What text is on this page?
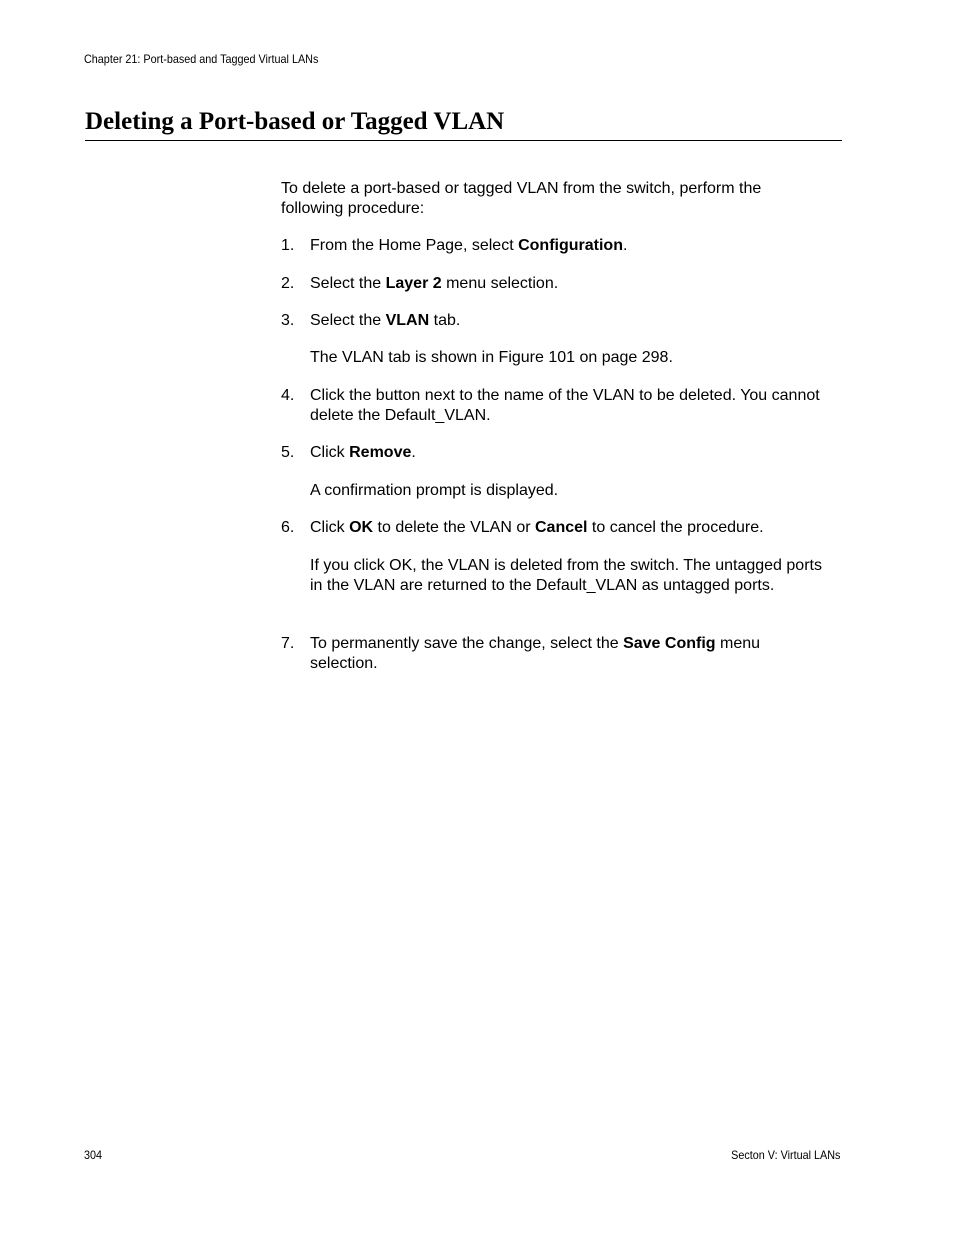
Chapter 21: Port-based and Tagged Virtual LANs
Deleting a Port-based or Tagged VLAN

To delete a port-based or tagged VLAN from the switch, perform the following procedure:

1. From the Home Page, select Configuration.
2. Select the Layer 2 menu selection.
3. Select the VLAN tab.

The VLAN tab is shown in Figure 101 on page 298.

4. Click the button next to the name of the VLAN to be deleted. You cannot delete the Default_VLAN.
5. Click Remove.

A confirmation prompt is displayed.

6. Click OK to delete the VLAN or Cancel to cancel the procedure.

If you click OK, the VLAN is deleted from the switch. The untagged ports in the VLAN are returned to the Default_VLAN as untagged ports.

7. To permanently save the change, select the Save Config menu selection.
304	Secton V: Virtual LANs
